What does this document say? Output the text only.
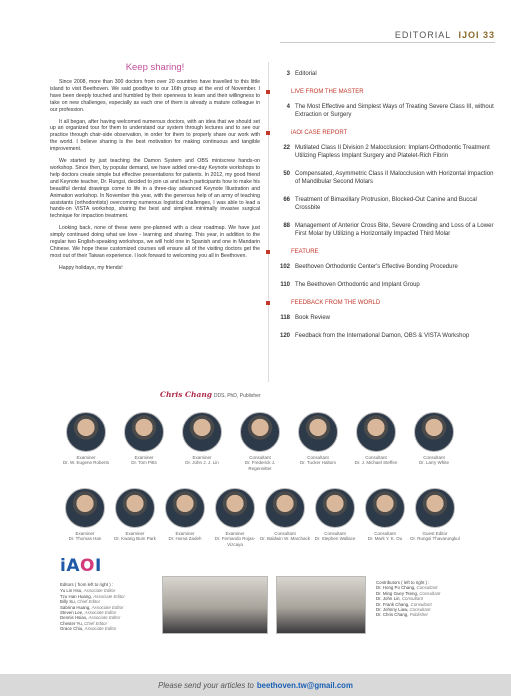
EDITORIAL IJOI 33
Keep sharing!

Since 2008, more than 300 doctors from over 20 countries have travelled to this little island to visit Beethoven. We said goodbye to our 16th group at the end of November. I have been deeply touched and humbled by their openness to learn and their willingness to take on new challenges, especially as each one of them is already a mature colleague in our profession.

It all began, after having welcomed numerous doctors, with an idea that we should set up an organized tour for them to understand our system through lectures and to see our practice through chair-side observation, in order for them to properly share our work with the world. I believe sharing is the best motivation for making continuous and tangible improvement.

We started by just teaching the Damon System and OBS miniscrew hands-on workshop. Since then, by popular demand, we have added one-day Keynote workshops to help doctors create simple but effective presentations for patients. In 2012, my good friend and Keynote teacher, Dr. Rungsi, decided to join us and teach participants how to make his beautiful dental drawings come to life in a three-day advanced Keynote Illustration and Animation workshop. In November this year, with the generous help of an army of teaching assistants (orthodontists) overcoming numerous logistical challenges, I was able to lead a hands-on VISTA workshop, sharing the best and simplest minimally invasive surgical technique for impaction treatment.

Looking back, none of these were pre-planned with a clear roadmap. We have just simply continued doing what we love - learning and sharing. This year, in addition to the regular two English-speaking workshops, we will hold one in Spanish and one in Mandarin Chinese. We hope these customized courses will ensure all of the visiting doctors get the most out of their Taiwan experience. I look forward to welcoming you all in Beethoven.

Happy holidays, my friends!

Chris Chang DDS, PhD, Publisher
3 Editorial
LIVE FROM THE MASTER
4 The Most Effective and Simplest Ways of Treating Severe Class III, without Extraction or Surgery
iAOI CASE REPORT
22 Mutilated Class II Division 2 Malocclusion: Implant-Orthodontic Treatment Utilizing Flapless Implant Surgery and Platelet-Rich Fibrin
50 Compensated, Asymmetric Class II Malocclusion with Horizontal Impaction of Mandibular Second Molars
66 Treatment of Bimaxillary Protrusion, Blocked-Out Canine and Buccal Crossbite
88 Management of Anterior Cross Bite, Severe Crowding and Loss of a Lower First Molar by Utilizing a Horizontally Impacted Third Molar
FEATURE
102 Beethoven Orthodontic Center's Effective Bonding Procedure
110 The Beethoven Orthodontic and Implant Group
FEEDBACK FROM THE WORLD
118 Book Review
120 Feedback from the International Damon, OBS & VISTA Workshop
Examiner
Dr. W. Eugene Roberts
Examiner
Dr. Tom Pitts
Examiner
Dr. John J. J. Lin
Consultant
Dr. Frederick J. Regennitter
Consultant
Dr. Tucker Haltom
Consultant
Dr. J. Michael Steffen
Consultant
Dr. Larry White
Examiner
Dr. Thomas Han
Examiner
Dr. Kwang Bum Park
Examiner
Dr. Homa Zadeh
Examiner
Dr. Fernando Rojas-Vizcaya
Consultant
Dr. Baldwin W. Marchack
Consultant
Dr. Stephen Wallace
Consultant
Dr. Mark Y. K. Ou
Guest Editor
Dr. Rungsi Thavarungkul
iAOI
Editors ( from left to right ) :
Yu Lin Hsu, Associate Editor
Tzu Han Huang, Associate Editor
Billy Su, Chief Editor
Sabrina Huang, Associate Editor
Steven Lee, Associate Editor
Dennis Hsiao, Associate Editor
Chester Yu, Chief Editor
Grace Chiu, Associate Editor
Contributors ( left to right ) :
Dr. Hong Po Chang, Consultant
Dr. Ming Guey Tseng, Consultant
Dr. John Lin, Consultant
Dr. Frank Chang, Consultant
Dr. Johnny Liaw, Consultant
Dr. Chris Chang, Publisher
Please send your articles to beethoven.tw@gmail.com
